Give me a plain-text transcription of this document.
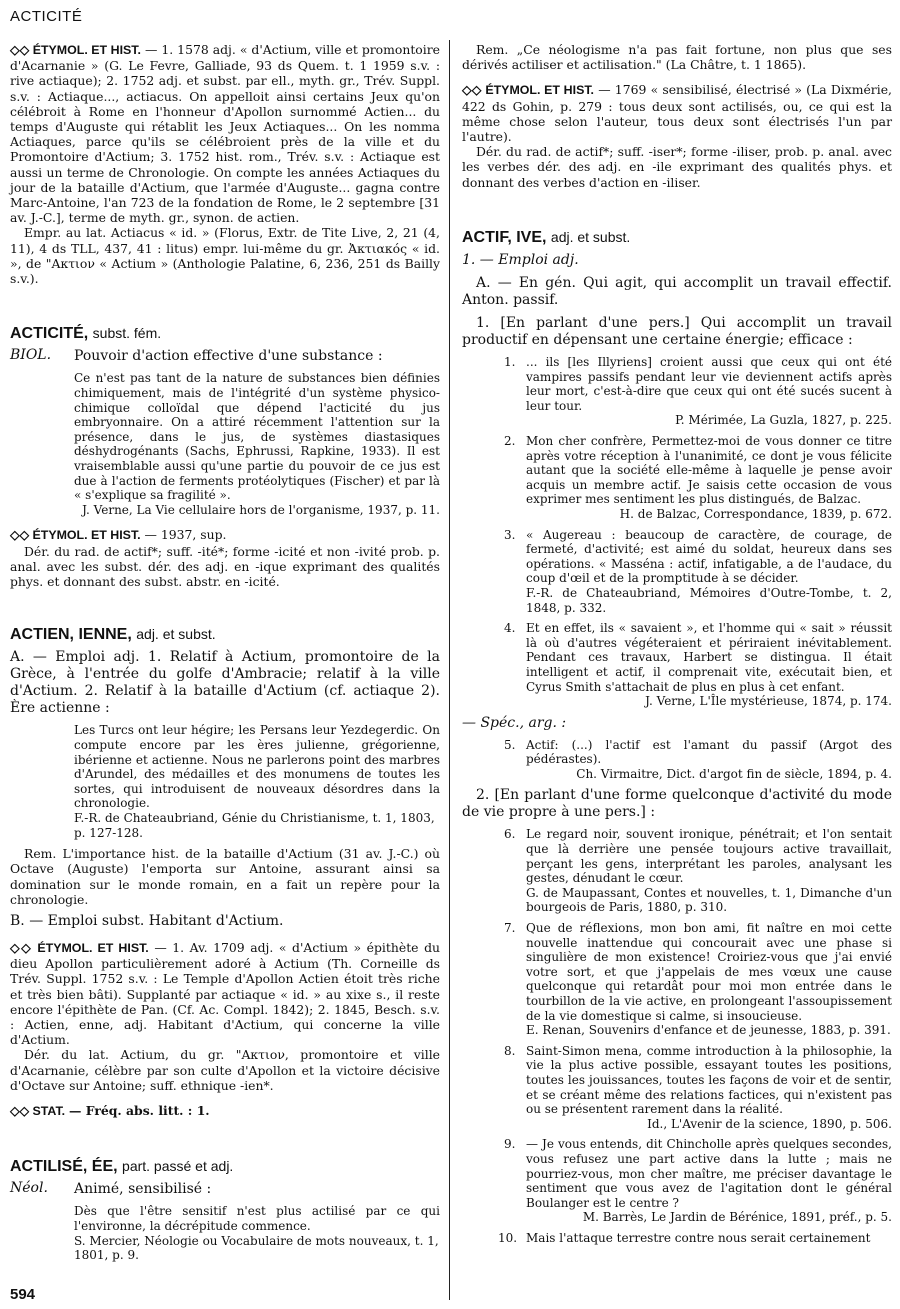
ACTICITÉ

◇◇ ÉTYMOL. ET HIST. — 1. 1578 adj. « d'Actium, ville et promontoire d'Acarnanie » (G. Le Fevre, Galliade, 93 ds Quem. t. 1 1959 s.v. : rive actiaque); 2. 1752 adj. et subst. par ell., myth. gr., Trév. Suppl. s.v. : Actiaque..., actiacus. On appelloit ainsi certains Jeux qu'on célébroit à Rome en l'honneur d'Apollon surnommé Actien... du temps d'Auguste qui rétablit les Jeux Actiaques... On les nomma Actiaques, parce qu'ils se célébroient près de la ville et du Promontoire d'Actium; 3. 1752 hist. rom., Trév. s.v. : Actiaque est aussi un terme de Chronologie. On compte les années Actiaques du jour de la bataille d'Actium, que l'armée d'Auguste... gagna contre Marc-Antoine, l'an 723 de la fondation de Rome, le 2 septembre [31 av. J.-C.], terme de myth. gr., synon. de actien.

Empr. au lat. Actiacus « id. » (Florus, Extr. de Tite Live, 2, 21 (4, 11), 4 ds TLL, 437, 41 : litus) empr. lui-même du gr. Ἀκτιακός « id. », de "Ακτιον « Actium » (Anthologie Palatine, 6, 236, 251 ds Bailly s.v.).

ACTICITÉ, subst. fém.
BIOL.	Pouvoir d'action effective d'une substance :

Ce n'est pas tant de la nature de substances bien définies chimiquement, mais de l'intégrité d'un système physico-chimique colloïdal que dépend l'acticité du jus embryonnaire. On a attiré récemment l'attention sur la présence, dans le jus, de systèmes diastasiques déshydrogénants (Sachs, Ephrussi, Rapkine, 1933). Il est vraisemblable aussi qu'une partie du pouvoir de ce jus est due à l'action de ferments protéolytiques (Fischer) et par là « s'explique sa fragilité ».

J. Verne, La Vie cellulaire hors de l'organisme, 1937, p. 11.

◇◇ ÉTYMOL. ET HIST. — 1937, sup.

Dér. du rad. de actif*; suff. -ité*; forme -icité et non -ivité prob. p. anal. avec les subst. dér. des adj. en -ique exprimant des qualités phys. et donnant des subst. abstr. en -icité.

ACTIEN, IENNE, adj. et subst.

A. — Emploi adj. 1. Relatif à Actium, promontoire de la Grèce, à l'entrée du golfe d'Ambracie; relatif à la ville d'Actium. 2. Relatif à la bataille d'Actium (cf. actiaque 2). Ère actienne :

Les Turcs ont leur hégire; les Persans leur Yezdegerdic. On compute encore par les ères julienne, grégorienne, ibérienne et actienne. Nous ne parlerons point des marbres d'Arundel, des médailles et des monumens de toutes les sortes, qui introduisent de nouveaux désordres dans la chronologie.

F.-R. de Chateaubriand, Génie du Christianisme, t. 1, 1803, p. 127-128.

Rem. L'importance hist. de la bataille d'Actium (31 av. J.-C.) où Octave (Auguste) l'emporta sur Antoine, assurant ainsi sa domination sur le monde romain, en a fait un repère pour la chronologie.

B. — Emploi subst. Habitant d'Actium.

◇◇ ÉTYMOL. ET HIST. — 1. Av. 1709 adj. « d'Actium » épithète du dieu Apollon particulièrement adoré à Actium (Th. Corneille ds Trév. Suppl. 1752 s.v. : Le Temple d'Apollon Actien étoit très riche et très bien bâti). Supplanté par actiaque « id. » au xixe s., il reste encore l'épithète de Pan. (Cf. Ac. Compl. 1842); 2. 1845, Besch. s.v. : Actien, enne, adj. Habitant d'Actium, qui concerne la ville d'Actium.

Dér. du lat. Actium, du gr. "Ακτιον, promontoire et ville d'Acarnanie, célèbre par son culte d'Apollon et la victoire décisive d'Octave sur Antoine; suff. ethnique -ien*.

◇◇ STAT. — Fréq. abs. litt. : 1.

ACTILISÉ, ÉE, part. passé et adj.
Néol.	Animé, sensibilisé :

Dès que l'être sensitif n'est plus actilisé par ce qui l'environne, la décrépitude commence.

S. Mercier, Néologie ou Vocabulaire de mots nouveaux, t. 1, 1801, p. 9.

Rem. „Ce néologisme n'a pas fait fortune, non plus que ses dérivés actiliser et actilisation." (La Châtre, t. 1 1865).

◇◇ ÉTYMOL. ET HIST. — 1769 « sensibilisé, électrisé » (La Dixmérie, 422 ds Gohin, p. 279 : tous deux sont actilisés, ou, ce qui est la même chose selon l'auteur, tous deux sont électrisés l'un par l'autre).

Dér. du rad. de actif*; suff. -iser*; forme -iliser, prob. p. anal. avec les verbes dér. des adj. en -ile exprimant des qualités phys. et donnant des verbes d'action en -iliser.

ACTIF, IVE, adj. et subst.

1. — Emploi adj.

A. — En gén. Qui agit, qui accomplit un travail effectif. Anton. passif.

1. [En parlant d'une pers.] Qui accomplit un travail productif en dépensant une certaine énergie; efficace :

1. ... ils [les Illyriens] croient aussi que ceux qui ont été vampires passifs pendant leur vie deviennent actifs après leur mort, c'est-à-dire que ceux qui ont été sucés sucent à leur tour.

P. Mérimée, La Guzla, 1827, p. 225.

2. Mon cher confrère, Permettez-moi de vous donner ce titre après votre réception à l'unanimité, ce dont je vous félicite autant que la société elle-même à laquelle je pense avoir acquis un membre actif. Je saisis cette occasion de vous exprimer mes sentiment les plus distingués, de Balzac.

H. de Balzac, Correspondance, 1839, p. 672.

3. « Augereau : beaucoup de caractère, de courage, de fermeté, d'activité; est aimé du soldat, heureux dans ses opérations. « Masséna : actif, infatigable, a de l'audace, du coup d'œil et de la promptitude à se décider.

F.-R. de Chateaubriand, Mémoires d'Outre-Tombe, t. 2, 1848, p. 332.

4. Et en effet, ils « savaient », et l'homme qui « sait » réussit là où d'autres végéteraient et périraient inévitablement. Pendant ces travaux, Harbert se distingua. Il était intelligent et actif, il comprenait vite, exécutait bien, et Cyrus Smith s'attachait de plus en plus à cet enfant.

J. Verne, L'Île mystérieuse, 1874, p. 174.

— Spéc., arg. :

5. Actif: (...) l'actif est l'amant du passif (Argot des pédérastes).

Ch. Virmaitre, Dict. d'argot fin de siècle, 1894, p. 4.

2. [En parlant d'une forme quelconque d'activité du mode de vie propre à une pers.] :

6. Le regard noir, souvent ironique, pénétrait; et l'on sentait que là derrière une pensée toujours active travaillait, perçant les gens, interprétant les paroles, analysant les gestes, dénudant le cœur.

G. de Maupassant, Contes et nouvelles, t. 1, Dimanche d'un bourgeois de Paris, 1880, p. 310.

7. Que de réflexions, mon bon ami, fit naître en moi cette nouvelle inattendue qui concourait avec une phase si singulière de mon existence! Croiriez-vous que j'ai envié votre sort, et que j'appelais de mes vœux une cause quelconque qui retardât pour moi mon entrée dans le tourbillon de la vie active, en prolongeant l'assoupissement de la vie domestique si calme, si insoucieuse.

E. Renan, Souvenirs d'enfance et de jeunesse, 1883, p. 391.

8. Saint-Simon mena, comme introduction à la philosophie, la vie la plus active possible, essayant toutes les positions, toutes les jouissances, toutes les façons de voir et de sentir, et se créant même des relations factices, qui n'existent pas ou se présentent rarement dans la réalité.

Id., L'Avenir de la science, 1890, p. 506.

9. — Je vous entends, dit Chincholle après quelques secondes, vous refusez une part active dans la lutte ; mais ne pourriez-vous, mon cher maître, me préciser davantage le sentiment que vous avez de l'agitation dont le général Boulanger est le centre ?

M. Barrès, Le Jardin de Bérénice, 1891, préf., p. 5.

10. Mais l'attaque terrestre contre nous serait certainement

594
